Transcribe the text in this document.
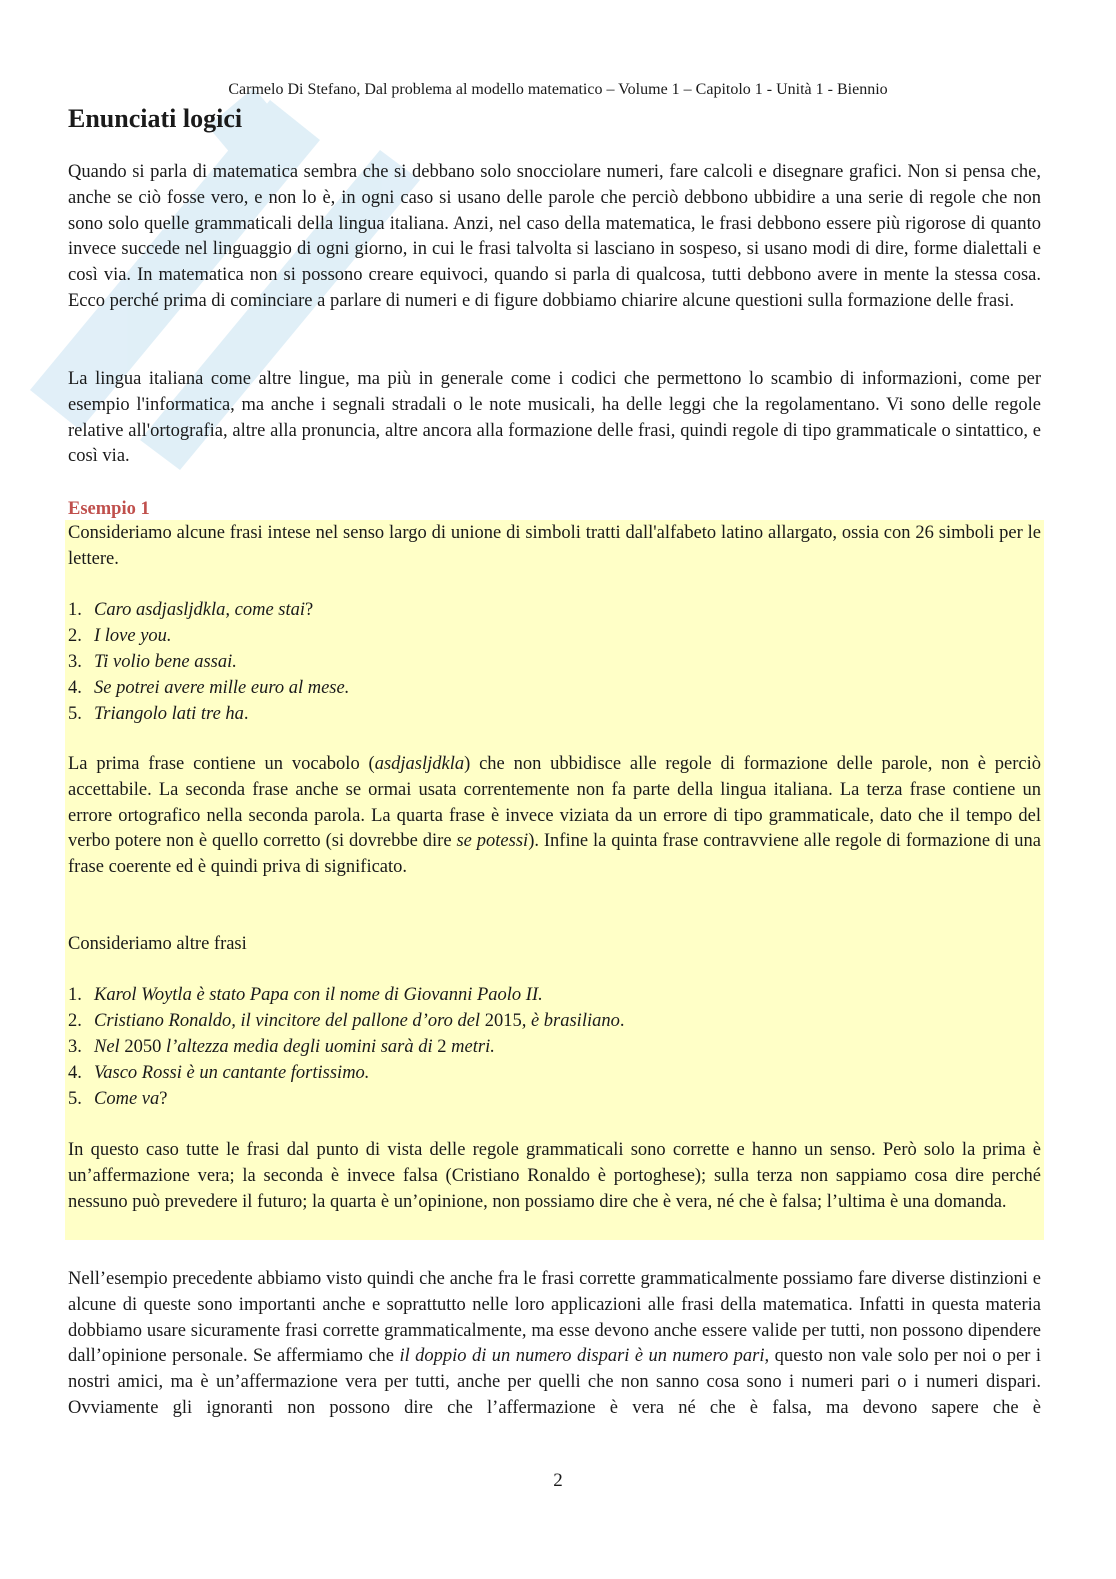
Carmelo Di Stefano, Dal problema al modello matematico – Volume 1 – Capitolo 1 - Unità 1 - Biennio
Enunciati logici

Quando si parla di matematica sembra che si debbano solo snocciolare numeri, fare calcoli e disegnare grafici. Non si pensa che, anche se ciò fosse vero, e non lo è, in ogni caso si usano delle parole che perciò debbono ubbidire a una serie di regole che non sono solo quelle grammaticali della lingua italiana. Anzi, nel caso della matematica, le frasi debbono essere più rigorose di quanto invece succede nel linguaggio di ogni giorno, in cui le frasi talvolta si lasciano in sospeso, si usano modi di dire, forme dialettali e così via. In matematica non si possono creare equivoci, quando si parla di qualcosa, tutti debbono avere in mente la stessa cosa. Ecco perché prima di cominciare a parlare di numeri e di figure dobbiamo chiarire alcune questioni sulla formazione delle frasi.

La lingua italiana come altre lingue, ma più in generale come i codici che permettono lo scambio di informazioni, come per esempio l'informatica, ma anche i segnali stradali o le note musicali, ha delle leggi che la regolamentano. Vi sono delle regole relative all'ortografia, altre alla pronuncia, altre ancora alla formazione delle frasi, quindi regole di tipo grammaticale o sintattico, e così via.

Esempio 1

Consideriamo alcune frasi intese nel senso largo di unione di simboli tratti dall'alfabeto latino allargato, ossia con 26 simboli per le lettere.

1. Caro asdjasljdkla, come stai?
2. I love you.
3. Ti volio bene assai.
4. Se potrei avere mille euro al mese.
5. Triangolo lati tre ha.

La prima frase contiene un vocabolo (asdjasljdkla) che non ubbidisce alle regole di formazione delle parole, non è perciò accettabile. La seconda frase anche se ormai usata correntemente non fa parte della lingua italiana. La terza frase contiene un errore ortografico nella seconda parola. La quarta frase è invece viziata da un errore di tipo grammaticale, dato che il tempo del verbo potere non è quello corretto (si dovrebbe dire se potessi). Infine la quinta frase contravviene alle regole di formazione di una frase coerente ed è quindi priva di significato.

Consideriamo altre frasi
1. Karol Woytla è stato Papa con il nome di Giovanni Paolo II.
2. Cristiano Ronaldo, il vincitore del pallone d’oro del 2015, è brasiliano.
3. Nel 2050 l’altezza media degli uomini sarà di 2 metri.
4. Vasco Rossi è un cantante fortissimo.
5. Come va?

In questo caso tutte le frasi dal punto di vista delle regole grammaticali sono corrette e hanno un senso. Però solo la prima è un’affermazione vera; la seconda è invece falsa (Cristiano Ronaldo è portoghese); sulla terza non sappiamo cosa dire perché nessuno può prevedere il futuro; la quarta è un’opinione, non possiamo dire che è vera, né che è falsa; l’ultima è una domanda.

Nell’esempio precedente abbiamo visto quindi che anche fra le frasi corrette grammaticalmente possiamo fare diverse distinzioni e alcune di queste sono importanti anche e soprattutto nelle loro applicazioni alle frasi della matematica. Infatti in questa materia dobbiamo usare sicuramente frasi corrette grammaticalmente, ma esse devono anche essere valide per tutti, non possono dipendere dall’opinione personale. Se affermiamo che il doppio di un numero dispari è un numero pari, questo non vale solo per noi o per i nostri amici, ma è un’affermazione vera per tutti, anche per quelli che non sanno cosa sono i numeri pari o i numeri dispari. Ovviamente gli ignoranti non possono dire che l’affermazione è vera né che è falsa, ma devono sapere che è

2
